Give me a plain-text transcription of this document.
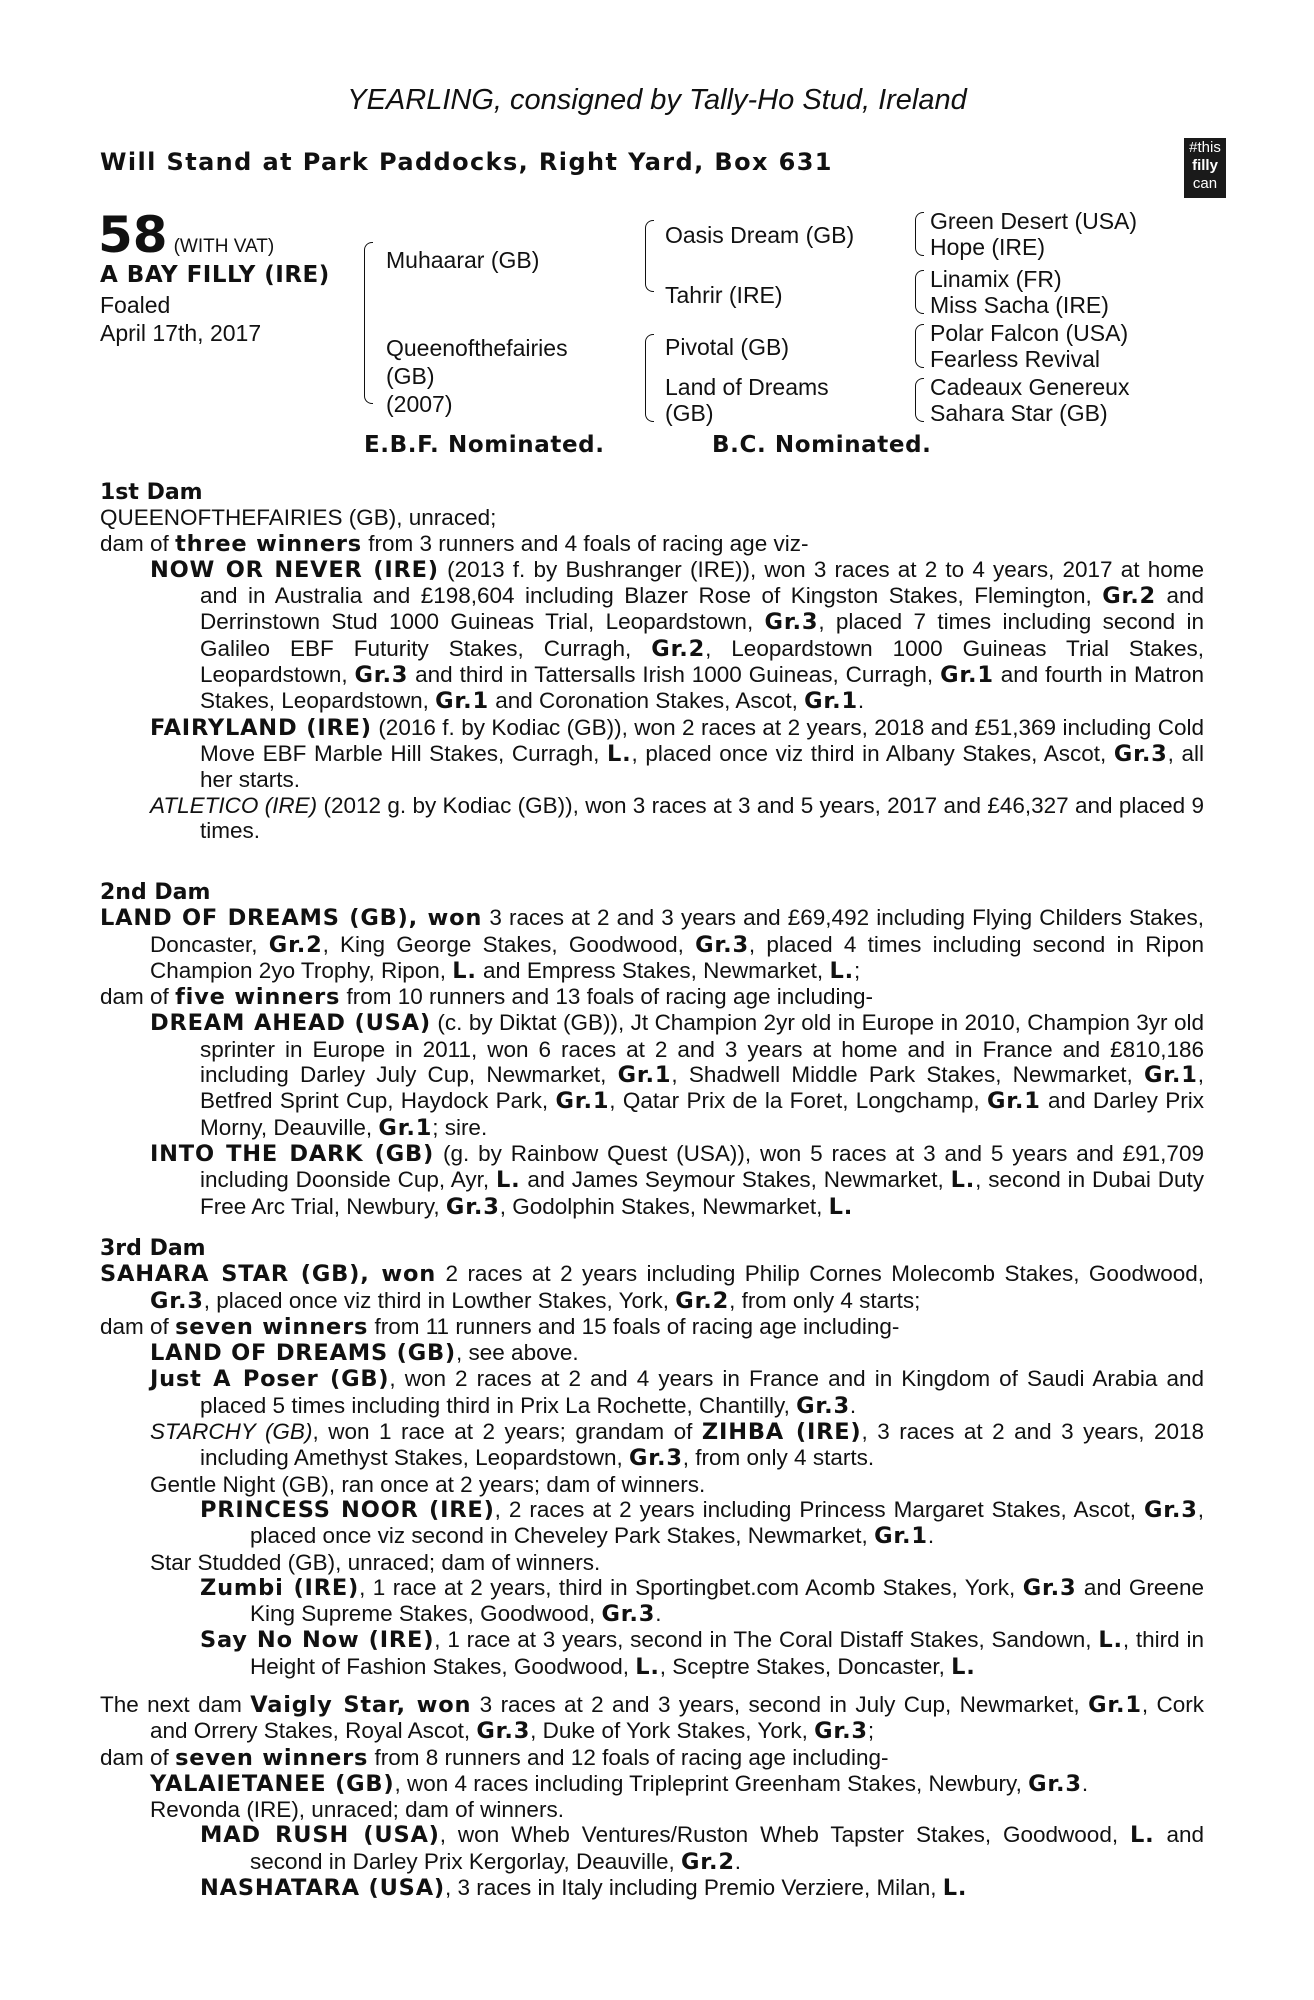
YEARLING, consigned by Tally-Ho Stud, Ireland
Will Stand at Park Paddocks, Right Yard, Box 631
#this
filly
can
58 (WITH VAT)
A BAY FILLY (IRE)
Foaled
April 17th, 2017
Muhaarar (GB)
Queenofthefairies
(GB)
(2007)
Oasis Dream (GB)
Tahrir (IRE)
Pivotal (GB)
Land of Dreams
(GB)
Green Desert (USA)
Hope (IRE)
Linamix (FR)
Miss Sacha (IRE)
Polar Falcon (USA)
Fearless Revival
Cadeaux Genereux
Sahara Star (GB)
E.B.F. Nominated.	B.C. Nominated.

1st Dam

QUEENOFTHEFAIRIES (GB), unraced;

dam of three winners from 3 runners and 4 foals of racing age viz-

NOW OR NEVER (IRE) (2013 f. by Bushranger (IRE)), won 3 races at 2 to 4 years, 2017 at home and in Australia and £198,604 including Blazer Rose of Kingston Stakes, Flemington, Gr.2 and Derrinstown Stud 1000 Guineas Trial, Leopardstown, Gr.3, placed 7 times including second in Galileo EBF Futurity Stakes, Curragh, Gr.2, Leopardstown 1000 Guineas Trial Stakes, Leopardstown, Gr.3 and third in Tattersalls Irish 1000 Guineas, Curragh, Gr.1 and fourth in Matron Stakes, Leopardstown, Gr.1 and Coronation Stakes, Ascot, Gr.1.

FAIRYLAND (IRE) (2016 f. by Kodiac (GB)), won 2 races at 2 years, 2018 and £51,369 including Cold Move EBF Marble Hill Stakes, Curragh, L., placed once viz third in Albany Stakes, Ascot, Gr.3, all her starts.

ATLETICO (IRE) (2012 g. by Kodiac (GB)), won 3 races at 3 and 5 years, 2017 and £46,327 and placed 9 times.

2nd Dam

LAND OF DREAMS (GB), won 3 races at 2 and 3 years and £69,492 including Flying Childers Stakes, Doncaster, Gr.2, King George Stakes, Goodwood, Gr.3, placed 4 times including second in Ripon Champion 2yo Trophy, Ripon, L. and Empress Stakes, Newmarket, L.;

dam of five winners from 10 runners and 13 foals of racing age including-

DREAM AHEAD (USA) (c. by Diktat (GB)), Jt Champion 2yr old in Europe in 2010, Champion 3yr old sprinter in Europe in 2011, won 6 races at 2 and 3 years at home and in France and £810,186 including Darley July Cup, Newmarket, Gr.1, Shadwell Middle Park Stakes, Newmarket, Gr.1, Betfred Sprint Cup, Haydock Park, Gr.1, Qatar Prix de la Foret, Longchamp, Gr.1 and Darley Prix Morny, Deauville, Gr.1; sire.

INTO THE DARK (GB) (g. by Rainbow Quest (USA)), won 5 races at 3 and 5 years and £91,709 including Doonside Cup, Ayr, L. and James Seymour Stakes, Newmarket, L., second in Dubai Duty Free Arc Trial, Newbury, Gr.3, Godolphin Stakes, Newmarket, L.

3rd Dam

SAHARA STAR (GB), won 2 races at 2 years including Philip Cornes Molecomb Stakes, Goodwood, Gr.3, placed once viz third in Lowther Stakes, York, Gr.2, from only 4 starts;

dam of seven winners from 11 runners and 15 foals of racing age including-

LAND OF DREAMS (GB), see above.

Just A Poser (GB), won 2 races at 2 and 4 years in France and in Kingdom of Saudi Arabia and placed 5 times including third in Prix La Rochette, Chantilly, Gr.3.

STARCHY (GB), won 1 race at 2 years; grandam of ZIHBA (IRE), 3 races at 2 and 3 years, 2018 including Amethyst Stakes, Leopardstown, Gr.3, from only 4 starts.

Gentle Night (GB), ran once at 2 years; dam of winners.

PRINCESS NOOR (IRE), 2 races at 2 years including Princess Margaret Stakes, Ascot, Gr.3, placed once viz second in Cheveley Park Stakes, Newmarket, Gr.1.

Star Studded (GB), unraced; dam of winners.

Zumbi (IRE), 1 race at 2 years, third in Sportingbet.com Acomb Stakes, York, Gr.3 and Greene King Supreme Stakes, Goodwood, Gr.3.

Say No Now (IRE), 1 race at 3 years, second in The Coral Distaff Stakes, Sandown, L., third in Height of Fashion Stakes, Goodwood, L., Sceptre Stakes, Doncaster, L.

The next dam Vaigly Star, won 3 races at 2 and 3 years, second in July Cup, Newmarket, Gr.1, Cork and Orrery Stakes, Royal Ascot, Gr.3, Duke of York Stakes, York, Gr.3;

dam of seven winners from 8 runners and 12 foals of racing age including-

YALAIETANEE (GB), won 4 races including Tripleprint Greenham Stakes, Newbury, Gr.3.

Revonda (IRE), unraced; dam of winners.

MAD RUSH (USA), won Wheb Ventures/Ruston Wheb Tapster Stakes, Goodwood, L. and second in Darley Prix Kergorlay, Deauville, Gr.2.

NASHATARA (USA), 3 races in Italy including Premio Verziere, Milan, L.
